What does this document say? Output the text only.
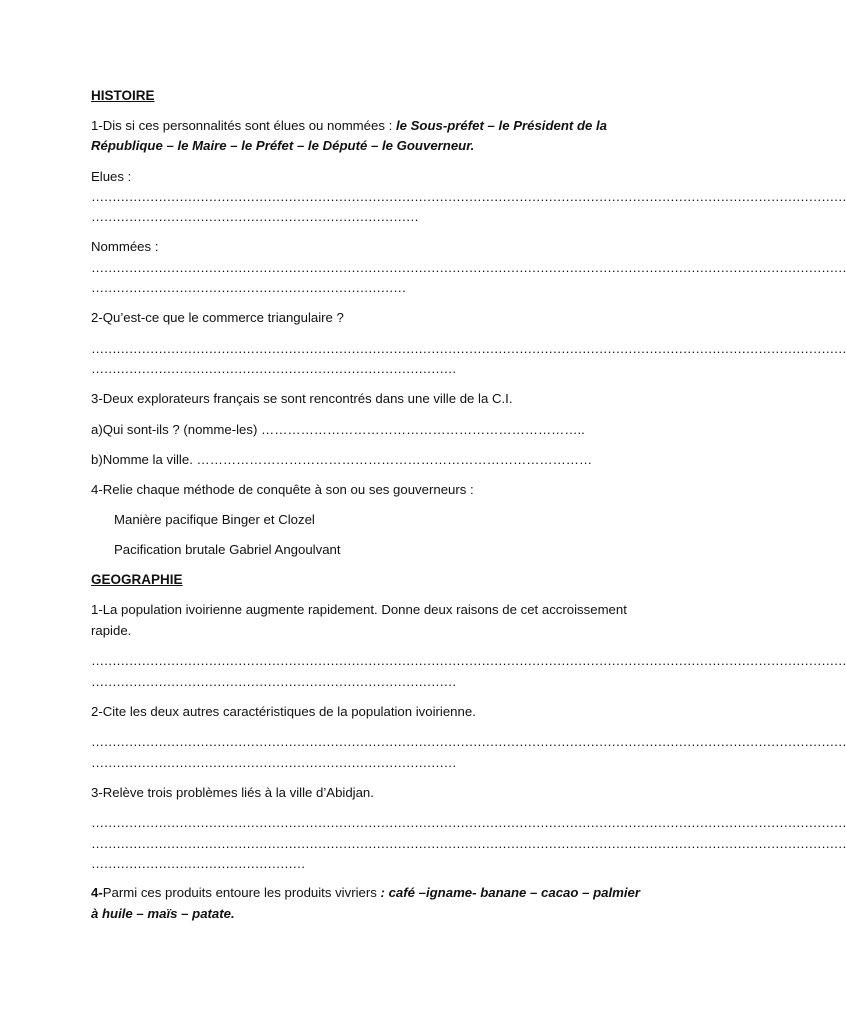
HISTOIRE
1-Dis si ces personnalités sont élues ou nommées : le Sous-préfet – le Président de la
République – le Maire – le Préfet – le Député – le Gouverneur.
Elues :
………………………………………………………………………………………………………………………………………………………………
……………………………………………………………………
Nommées :
………………………………………………………………………………………………………………………………………………………………
…………………………………………………………………
2-Qu’est-ce que le commerce triangulaire ?
………………………………………………………………………………………………………………………………………………………………
……………………………………………………………………………
3-Deux explorateurs français se sont rencontrés dans une ville de la C.I.
a)Qui sont-ils ? (nomme-les) ………………………………………………………………..
b)Nomme la ville. ………………………………………………………………………………
4-Relie chaque méthode de conquête à son ou ses gouverneurs :
Manière pacifique Binger et Clozel
Pacification brutale Gabriel Angoulvant
GEOGRAPHIE
1-La population ivoirienne augmente rapidement. Donne deux raisons de cet accroissement
rapide.
………………………………………………………………………………………………………………………………………………………………
……………………………………………………………………………
2-Cite les deux autres caractéristiques de la population ivoirienne.
………………………………………………………………………………………………………………………………………………………………
……………………………………………………………………………
3-Relève trois problèmes liés à la ville d’Abidjan.
………………………………………………………………………………………………………………………………………………………………
………………………………………………………………………………………………………………………………………………………………
……………………………………………
4-Parmi ces produits entoure les produits vivriers : café –igname- banane – cacao – palmier
à huile – maïs – patate.
